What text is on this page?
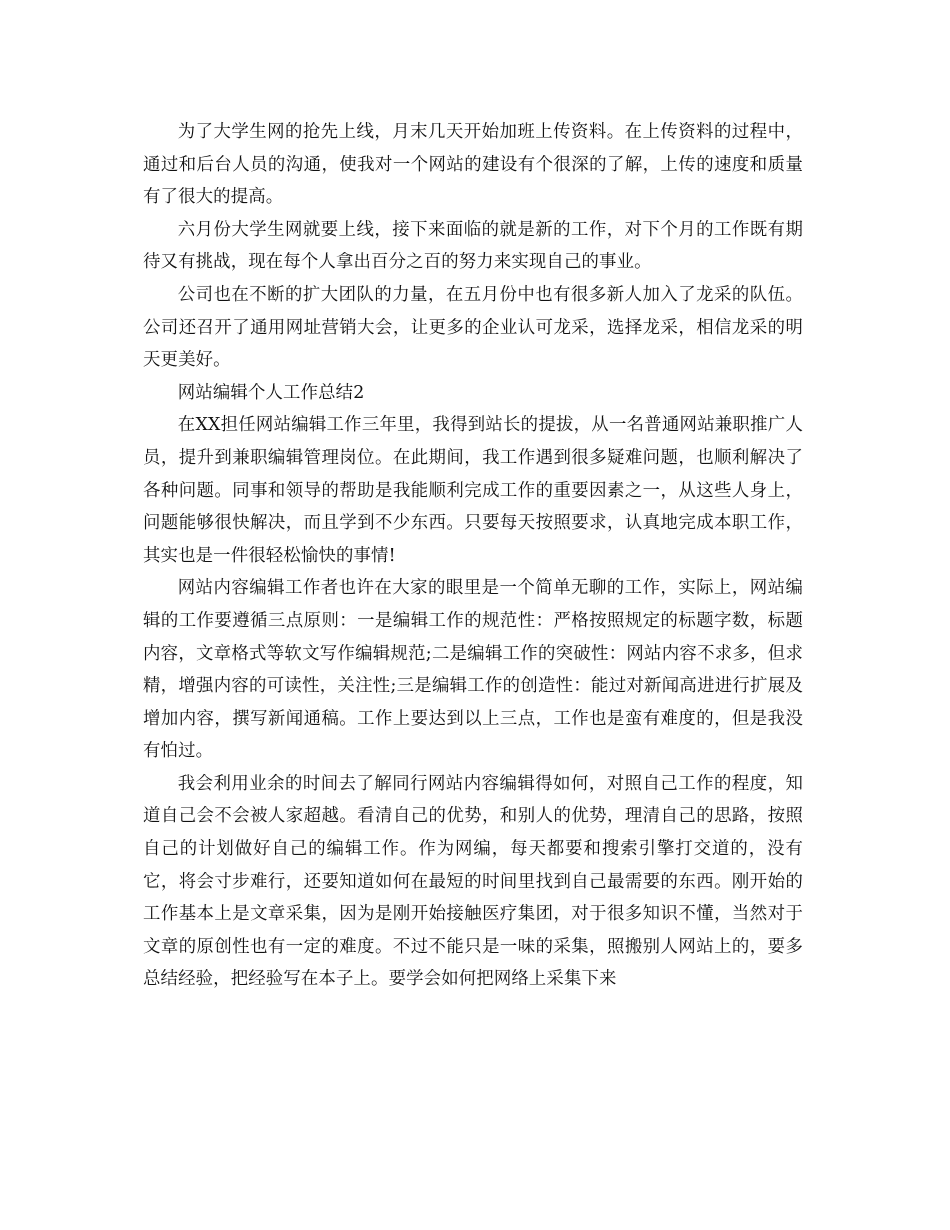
为了大学生网的抢先上线，月末几天开始加班上传资料。在上传资料的过程中，通过和后台人员的沟通，使我对一个网站的建设有个很深的了解，上传的速度和质量有了很大的提高。

六月份大学生网就要上线，接下来面临的就是新的工作，对下个月的工作既有期待又有挑战，现在每个人拿出百分之百的努力来实现自己的事业。

公司也在不断的扩大团队的力量，在五月份中也有很多新人加入了龙采的队伍。公司还召开了通用网址营销大会，让更多的企业认可龙采，选择龙采，相信龙采的明天更美好。

网站编辑个人工作总结2

在XX担任网站编辑工作三年里，我得到站长的提拔，从一名普通网站兼职推广人员，提升到兼职编辑管理岗位。在此期间，我工作遇到很多疑难问题，也顺利解决了各种问题。同事和领导的帮助是我能顺利完成工作的重要因素之一，从这些人身上，问题能够很快解决，而且学到不少东西。只要每天按照要求，认真地完成本职工作，其实也是一件很轻松愉快的事情!

网站内容编辑工作者也许在大家的眼里是一个简单无聊的工作，实际上，网站编辑的工作要遵循三点原则：一是编辑工作的规范性：严格按照规定的标题字数，标题内容，文章格式等软文写作编辑规范;二是编辑工作的突破性：网站内容不求多，但求精，增强内容的可读性，关注性;三是编辑工作的创造性：能过对新闻高进进行扩展及增加内容，撰写新闻通稿。工作上要达到以上三点，工作也是蛮有难度的，但是我没有怕过。

我会利用业余的时间去了解同行网站内容编辑得如何，对照自己工作的程度，知道自己会不会被人家超越。看清自己的优势，和别人的优势，理清自己的思路，按照自己的计划做好自己的编辑工作。作为网编，每天都要和搜索引擎打交道的，没有它，将会寸步难行，还要知道如何在最短的时间里找到自己最需要的东西。刚开始的工作基本上是文章采集，因为是刚开始接触医疗集团，对于很多知识不懂，当然对于文章的原创性也有一定的难度。不过不能只是一味的采集，照搬别人网站上的，要多总结经验，把经验写在本子上。要学会如何把网络上采集下来
